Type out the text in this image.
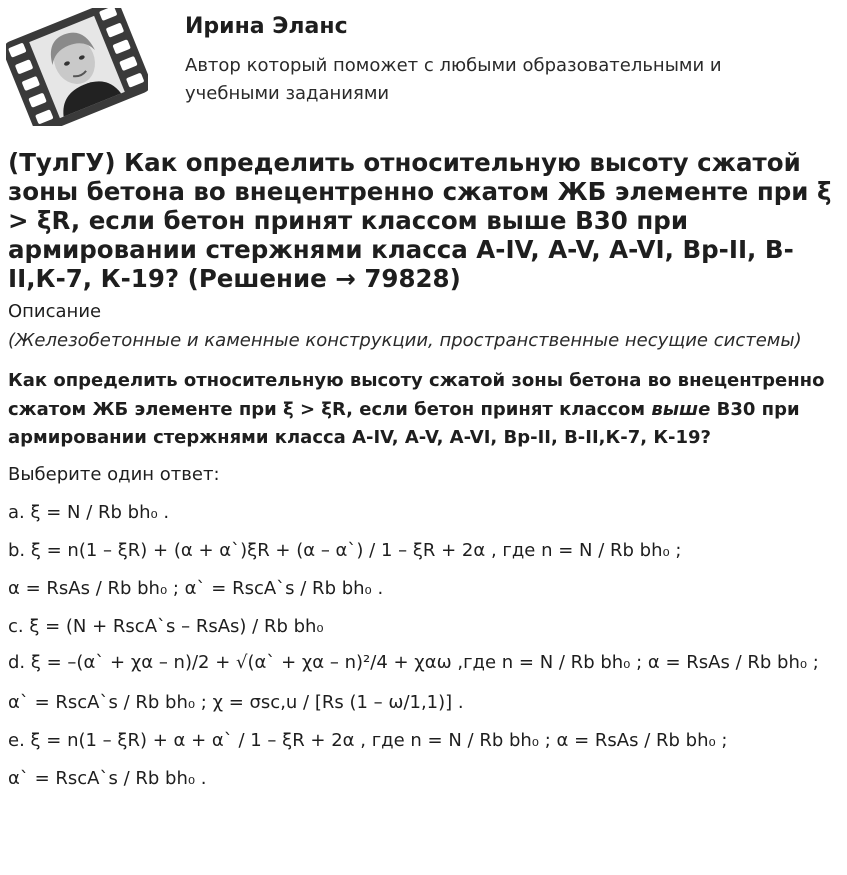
Ирина Эланс
Автор который поможет с любыми образовательными и учебными заданиями
(ТулГУ) Как определить относительную высоту сжатой зоны бетона во внецентренно сжатом ЖБ элементе при ξ > ξR, если бетон принят классом выше В30 при армировании стержнями класса A-IV, A-V, A-VI, Вр-II, В-II,К-7, К-19? (Решение → 79828)
Описание
(Железобетонные и каменные конструкции, пространственные несущие системы)
Как определить относительную высоту сжатой зоны бетона во внецентренно сжатом ЖБ элементе при ξ > ξR, если бетон принят классом выше В30 при армировании стержнями класса A-IV, A-V, A-VI, Вр-II, В-II,К-7, К-19?
Выберите один ответ:
a. ξ = N / Rb bh₀ .
b. ξ = n(1 – ξR) + (α + α`)ξR + (α – α`) / 1 – ξR + 2α , где n = N / Rb bh₀ ;
α = RsAs / Rb bh₀ ; α` = RscA`s / Rb bh₀ .
c. ξ = (N + RscA`s – RsAs) / Rb bh₀
d. ξ = –(α` + χα – n)/2 + √(α` + χα – n)²/4 + χαω ,где n = N / Rb bh₀ ; α = RsAs / Rb bh₀ ;
α` = RscA`s / Rb bh₀ ; χ = σsc,u / [Rs (1 – ω/1,1)] .
e. ξ = n(1 – ξR) + α + α` / 1 – ξR + 2α , где n = N / Rb bh₀ ; α = RsAs / Rb bh₀ ;
α` = RscA`s / Rb bh₀ .
